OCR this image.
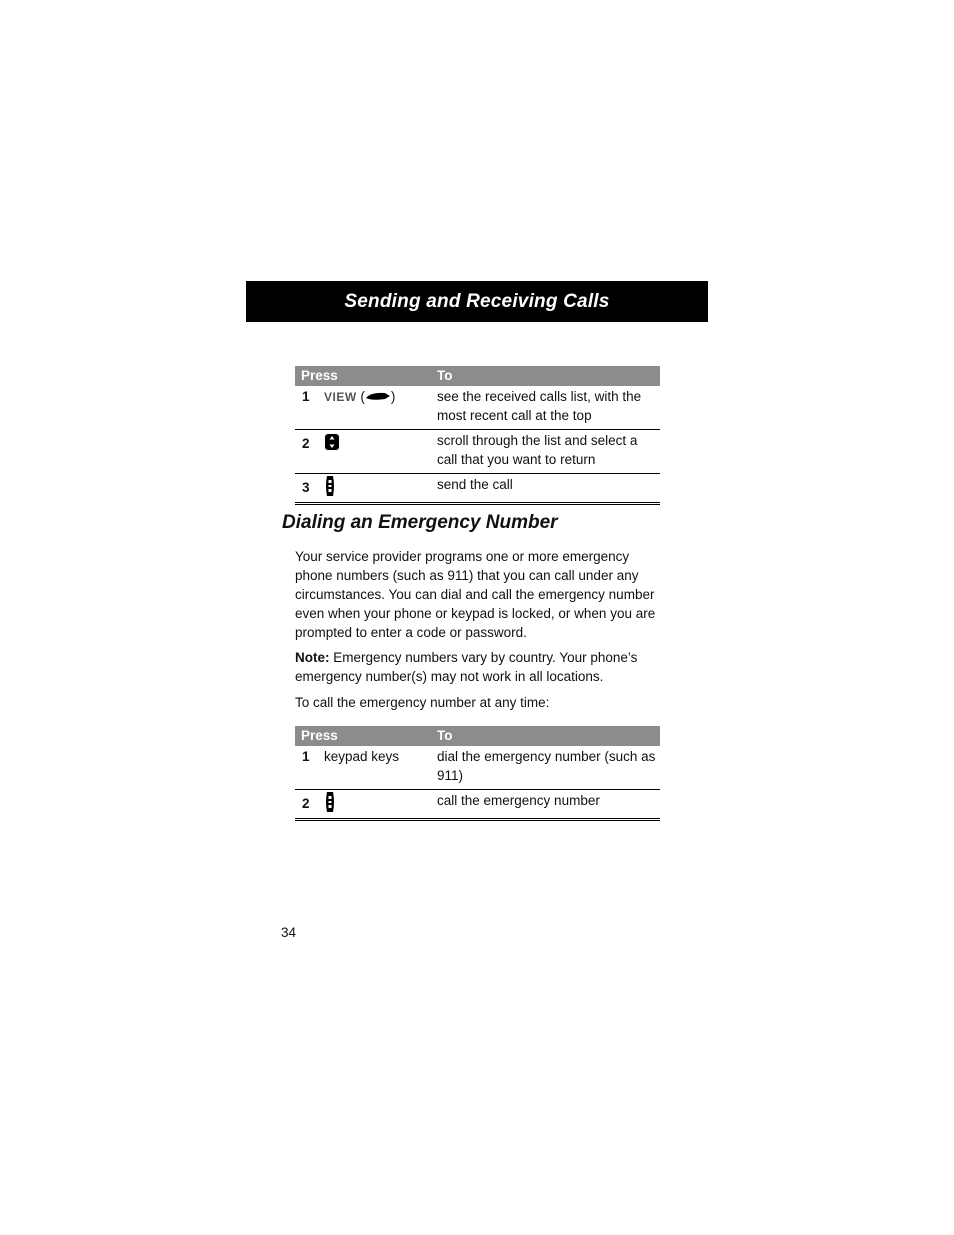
Sending and Receiving Calls
Press		To
1	VIEW ( )	see the received calls list, with the most recent call at the top
2		scroll through the list and select a call that you want to return
3		send the call
Dialing an Emergency Number

Your service provider programs one or more emergency phone numbers (such as 911) that you can call under any circumstances. You can dial and call the emergency number even when your phone or keypad is locked, or when you are prompted to enter a code or password.

Note: Emergency numbers vary by country. Your phone’s emergency number(s) may not work in all locations.

To call the emergency number at any time:

Press		To
1	keypad keys	dial the emergency number (such as 911)
2		call the emergency number
34
